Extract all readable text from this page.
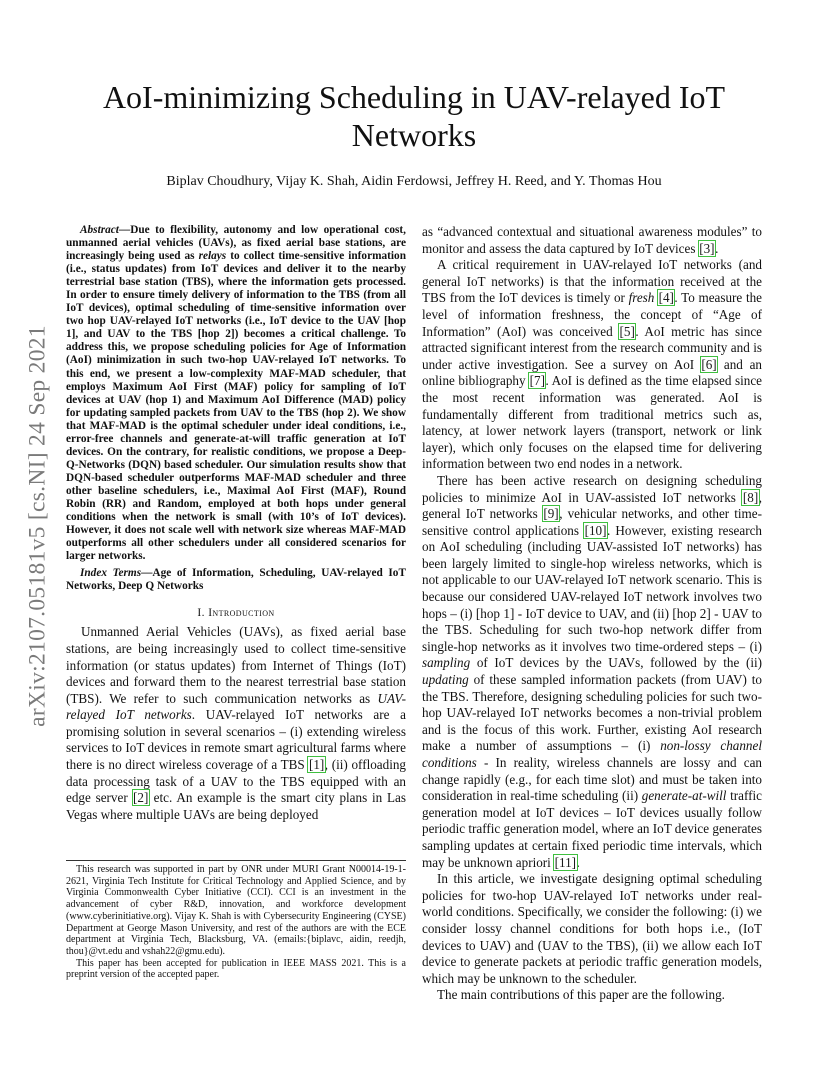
arXiv:2107.05181v5 [cs.NI] 24 Sep 2021
AoI-minimizing Scheduling in UAV-relayed IoT Networks
Biplav Choudhury, Vijay K. Shah, Aidin Ferdowsi, Jeffrey H. Reed, and Y. Thomas Hou

Abstract—Due to flexibility, autonomy and low operational cost, unmanned aerial vehicles (UAVs), as fixed aerial base stations, are increasingly being used as relays to collect time-sensitive information (i.e., status updates) from IoT devices and deliver it to the nearby terrestrial base station (TBS), where the information gets processed. In order to ensure timely delivery of information to the TBS (from all IoT devices), optimal scheduling of time-sensitive information over two hop UAV-relayed IoT networks (i.e., IoT device to the UAV [hop 1], and UAV to the TBS [hop 2]) becomes a critical challenge. To address this, we propose scheduling policies for Age of Information (AoI) minimization in such two-hop UAV-relayed IoT networks. To this end, we present a low-complexity MAF-MAD scheduler, that employs Maximum AoI First (MAF) policy for sampling of IoT devices at UAV (hop 1) and Maximum AoI Difference (MAD) policy for updating sampled packets from UAV to the TBS (hop 2). We show that MAF-MAD is the optimal scheduler under ideal conditions, i.e., error-free channels and generate-at-will traffic generation at IoT devices. On the contrary, for realistic conditions, we propose a Deep-Q-Networks (DQN) based scheduler. Our simulation results show that DQN-based scheduler outperforms MAF-MAD scheduler and three other baseline schedulers, i.e., Maximal AoI First (MAF), Round Robin (RR) and Random, employed at both hops under general conditions when the network is small (with 10’s of IoT devices). However, it does not scale well with network size whereas MAF-MAD outperforms all other schedulers under all considered scenarios for larger networks.

Index Terms—Age of Information, Scheduling, UAV-relayed IoT Networks, Deep Q Networks

I. Introduction

Unmanned Aerial Vehicles (UAVs), as fixed aerial base stations, are being increasingly used to collect time-sensitive information (or status updates) from Internet of Things (IoT) devices and forward them to the nearest terrestrial base station (TBS). We refer to such communication networks as UAV-relayed IoT networks. UAV-relayed IoT networks are a promising solution in several scenarios – (i) extending wireless services to IoT devices in remote smart agricultural farms where there is no direct wireless coverage of a TBS [1], (ii) offloading data processing task of a UAV to the TBS equipped with an edge server [2] etc. An example is the smart city plans in Las Vegas where multiple UAVs are being deployed

This research was supported in part by ONR under MURI Grant N00014-19-1-2621, Virginia Tech Institute for Critical Technology and Applied Science, and by Virginia Commonwealth Cyber Initiative (CCI). CCI is an investment in the advancement of cyber R&D, innovation, and workforce development (www.cyberinitiative.org). Vijay K. Shah is with Cybersecurity Engineering (CYSE) Department at George Mason University, and rest of the authors are with the ECE department at Virginia Tech, Blacksburg, VA. (emails:{biplavc, aidin, reedjh, thou}@vt.edu and vshah22@gmu.edu).

This paper has been accepted for publication in IEEE MASS 2021. This is a preprint version of the accepted paper.

as “advanced contextual and situational awareness modules” to monitor and assess the data captured by IoT devices [3].

A critical requirement in UAV-relayed IoT networks (and general IoT networks) is that the information received at the TBS from the IoT devices is timely or fresh [4]. To measure the level of information freshness, the concept of “Age of Information” (AoI) was conceived [5]. AoI metric has since attracted significant interest from the research community and is under active investigation. See a survey on AoI [6] and an online bibliography [7]. AoI is defined as the time elapsed since the most recent information was generated. AoI is fundamentally different from traditional metrics such as, latency, at lower network layers (transport, network or link layer), which only focuses on the elapsed time for delivering information between two end nodes in a network.

There has been active research on designing scheduling policies to minimize AoI in UAV-assisted IoT networks [8], general IoT networks [9], vehicular networks, and other time-sensitive control applications [10]. However, existing research on AoI scheduling (including UAV-assisted IoT networks) has been largely limited to single-hop wireless networks, which is not applicable to our UAV-relayed IoT network scenario. This is because our considered UAV-relayed IoT network involves two hops – (i) [hop 1] - IoT device to UAV, and (ii) [hop 2] - UAV to the TBS. Scheduling for such two-hop network differ from single-hop networks as it involves two time-ordered steps – (i) sampling of IoT devices by the UAVs, followed by the (ii) updating of these sampled information packets (from UAV) to the TBS. Therefore, designing scheduling policies for such two-hop UAV-relayed IoT networks becomes a non-trivial problem and is the focus of this work. Further, existing AoI research make a number of assumptions – (i) non-lossy channel conditions - In reality, wireless channels are lossy and can change rapidly (e.g., for each time slot) and must be taken into consideration in real-time scheduling (ii) generate-at-will traffic generation model at IoT devices – IoT devices usually follow periodic traffic generation model, where an IoT device generates sampling updates at certain fixed periodic time intervals, which may be unknown apriori [11].

In this article, we investigate designing optimal scheduling policies for two-hop UAV-relayed IoT networks under real-world conditions. Specifically, we consider the following: (i) we consider lossy channel conditions for both hops i.e., (IoT devices to UAV) and (UAV to the TBS), (ii) we allow each IoT device to generate packets at periodic traffic generation models, which may be unknown to the scheduler.

The main contributions of this paper are the following.
